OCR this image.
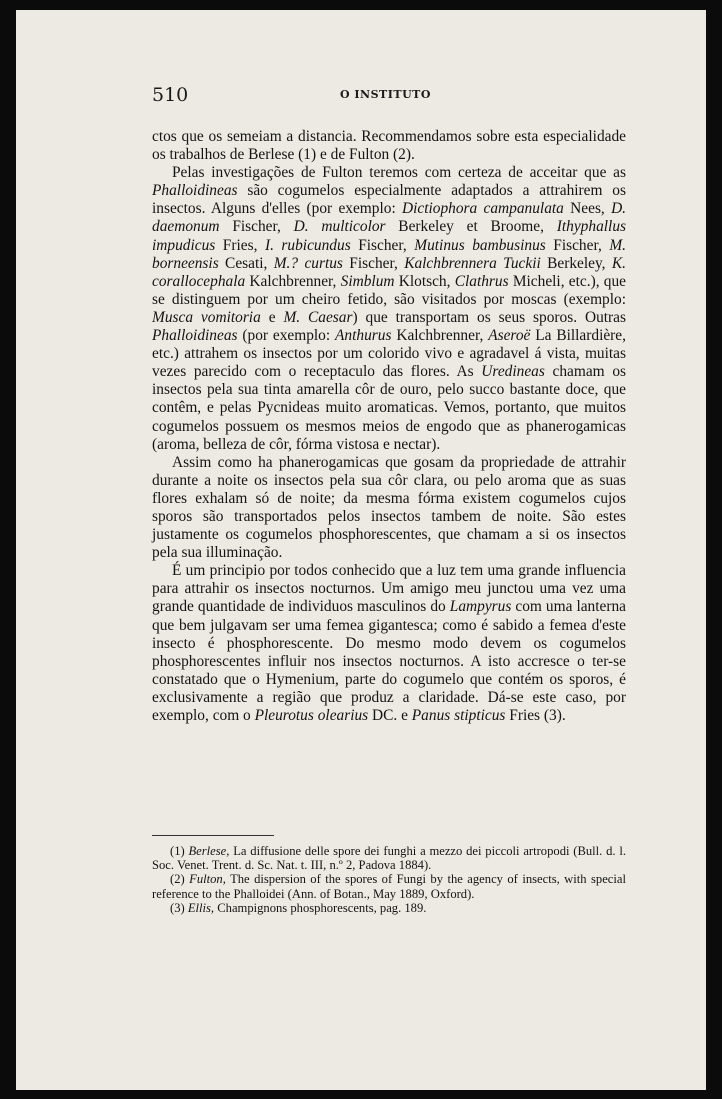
510	O INSTITUTO

ctos que os semeiam a distancia. Recommendamos sobre esta especialidade os trabalhos de Berlese (1) e de Fulton (2).

Pelas investigações de Fulton teremos com certeza de acceitar que as Phalloidineas são cogumelos especialmente adaptados a attrahirem os insectos. Alguns d'elles (por exemplo: Dictiophora campanulata Nees, D. daemonum Fischer, D. multicolor Berkeley et Broome, Ithyphallus impudicus Fries, I. rubicundus Fischer, Mutinus bambusinus Fischer, M. borneensis Cesati, M.? curtus Fischer, Kalchbrennera Tuckii Berkeley, K. corallocephala Kalchbrenner, Simblum Klotsch, Clathrus Micheli, etc.), que se distinguem por um cheiro fetido, são visitados por moscas (exemplo: Musca vomitoria e M. Caesar) que transportam os seus sporos. Outras Phalloidineas (por exemplo: Anthurus Kalchbrenner, Aseroë La Billardière, etc.) attrahem os insectos por um colorido vivo e agradavel á vista, muitas vezes parecido com o receptaculo das flores. As Uredineas chamam os insectos pela sua tinta amarella côr de ouro, pelo succo bastante doce, que contêm, e pelas Pycnideas muito aromaticas. Vemos, portanto, que muitos cogumelos possuem os mesmos meios de engodo que as phanerogamicas (aroma, belleza de côr, fórma vistosa e nectar).

Assim como ha phanerogamicas que gosam da propriedade de attrahir durante a noite os insectos pela sua côr clara, ou pelo aroma que as suas flores exhalam só de noite; da mesma fórma existem cogumelos cujos sporos são transportados pelos insectos tambem de noite. São estes justamente os cogumelos phosphorescentes, que chamam a si os insectos pela sua illuminação.

É um principio por todos conhecido que a luz tem uma grande influencia para attrahir os insectos nocturnos. Um amigo meu junctou uma vez uma grande quantidade de individuos masculinos do Lampyrus com uma lanterna que bem julgavam ser uma femea gigantesca; como é sabido a femea d'este insecto é phosphorescente. Do mesmo modo devem os cogumelos phosphorescentes influir nos insectos nocturnos. A isto accresce o ter-se constatado que o Hymenium, parte do cogumelo que contém os sporos, é exclusivamente a região que produz a claridade. Dá-se este caso, por exemplo, com o Pleurotus olearius DC. e Panus stipticus Fries (3).

(1) Berlese, La diffusione delle spore dei funghi a mezzo dei piccoli artropodi (Bull. d. l. Soc. Venet. Trent. d. Sc. Nat. t. III, n.º 2, Padova 1884).

(2) Fulton, The dispersion of the spores of Fungi by the agency of insects, with special reference to the Phalloidei (Ann. of Botan., May 1889, Oxford).

(3) Ellis, Champignons phosphorescents, pag. 189.
